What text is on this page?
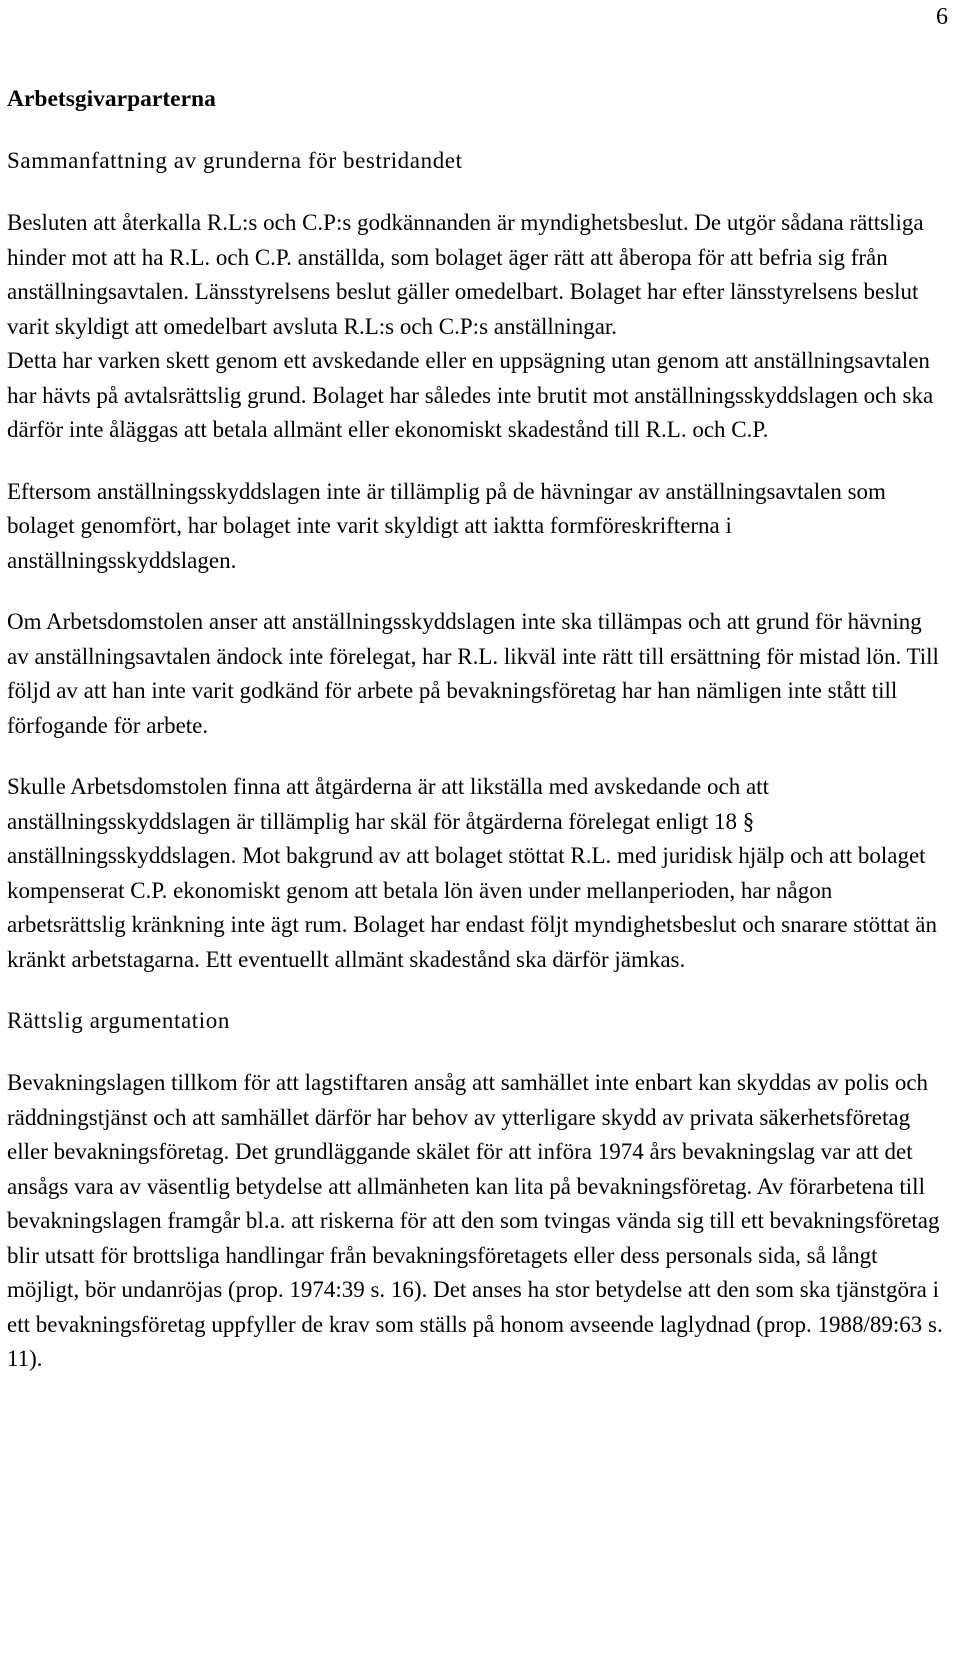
6
Arbetsgivarparterna
Sammanfattning av grunderna för bestridandet
Besluten att återkalla R.L:s och C.P:s godkännanden är myndighetsbeslut. De utgör sådana rättsliga hinder mot att ha R.L. och C.P. anställda, som bolaget äger rätt att åberopa för att befria sig från anställningsavtalen. Länsstyrelsens beslut gäller omedelbart. Bolaget har efter länsstyrelsens beslut varit skyldigt att omedelbart avsluta R.L:s och C.P:s anställningar.
Detta har varken skett genom ett avskedande eller en uppsägning utan genom att anställningsavtalen har hävts på avtalsrättslig grund. Bolaget har således inte brutit mot anställningsskyddslagen och ska därför inte åläggas att betala allmänt eller ekonomiskt skadestånd till R.L. och C.P.
Eftersom anställningsskyddslagen inte är tillämplig på de hävningar av anställningsavtalen som bolaget genomfört, har bolaget inte varit skyldigt att iaktta formföreskrifterna i anställningsskyddslagen.
Om Arbetsdomstolen anser att anställningsskyddslagen inte ska tillämpas och att grund för hävning av anställningsavtalen ändock inte förelegat, har R.L. likväl inte rätt till ersättning för mistad lön. Till följd av att han inte varit godkänd för arbete på bevakningsföretag har han nämligen inte stått till förfogande för arbete.
Skulle Arbetsdomstolen finna att åtgärderna är att likställa med avskedande och att anställningsskyddslagen är tillämplig har skäl för åtgärderna förelegat enligt 18 § anställningsskyddslagen. Mot bakgrund av att bolaget stöttat R.L. med juridisk hjälp och att bolaget kompenserat C.P. ekonomiskt genom att betala lön även under mellanperioden, har någon arbetsrättslig kränkning inte ägt rum. Bolaget har endast följt myndighetsbeslut och snarare stöttat än kränkt arbetstagarna. Ett eventuellt allmänt skadestånd ska därför jämkas.
Rättslig argumentation
Bevakningslagen tillkom för att lagstiftaren ansåg att samhället inte enbart kan skyddas av polis och räddningstjänst och att samhället därför har behov av ytterligare skydd av privata säkerhetsföretag eller bevakningsföretag. Det grundläggande skälet för att införa 1974 års bevakningslag var att det ansågs vara av väsentlig betydelse att allmänheten kan lita på bevakningsföretag. Av förarbetena till bevakningslagen framgår bl.a. att riskerna för att den som tvingas vända sig till ett bevakningsföretag blir utsatt för brottsliga handlingar från bevakningsföretagets eller dess personals sida, så långt möjligt, bör undanröjas (prop. 1974:39 s. 16). Det anses ha stor betydelse att den som ska tjänstgöra i ett bevakningsföretag uppfyller de krav som ställs på honom avseende laglydnad (prop. 1988/89:63 s. 11).
